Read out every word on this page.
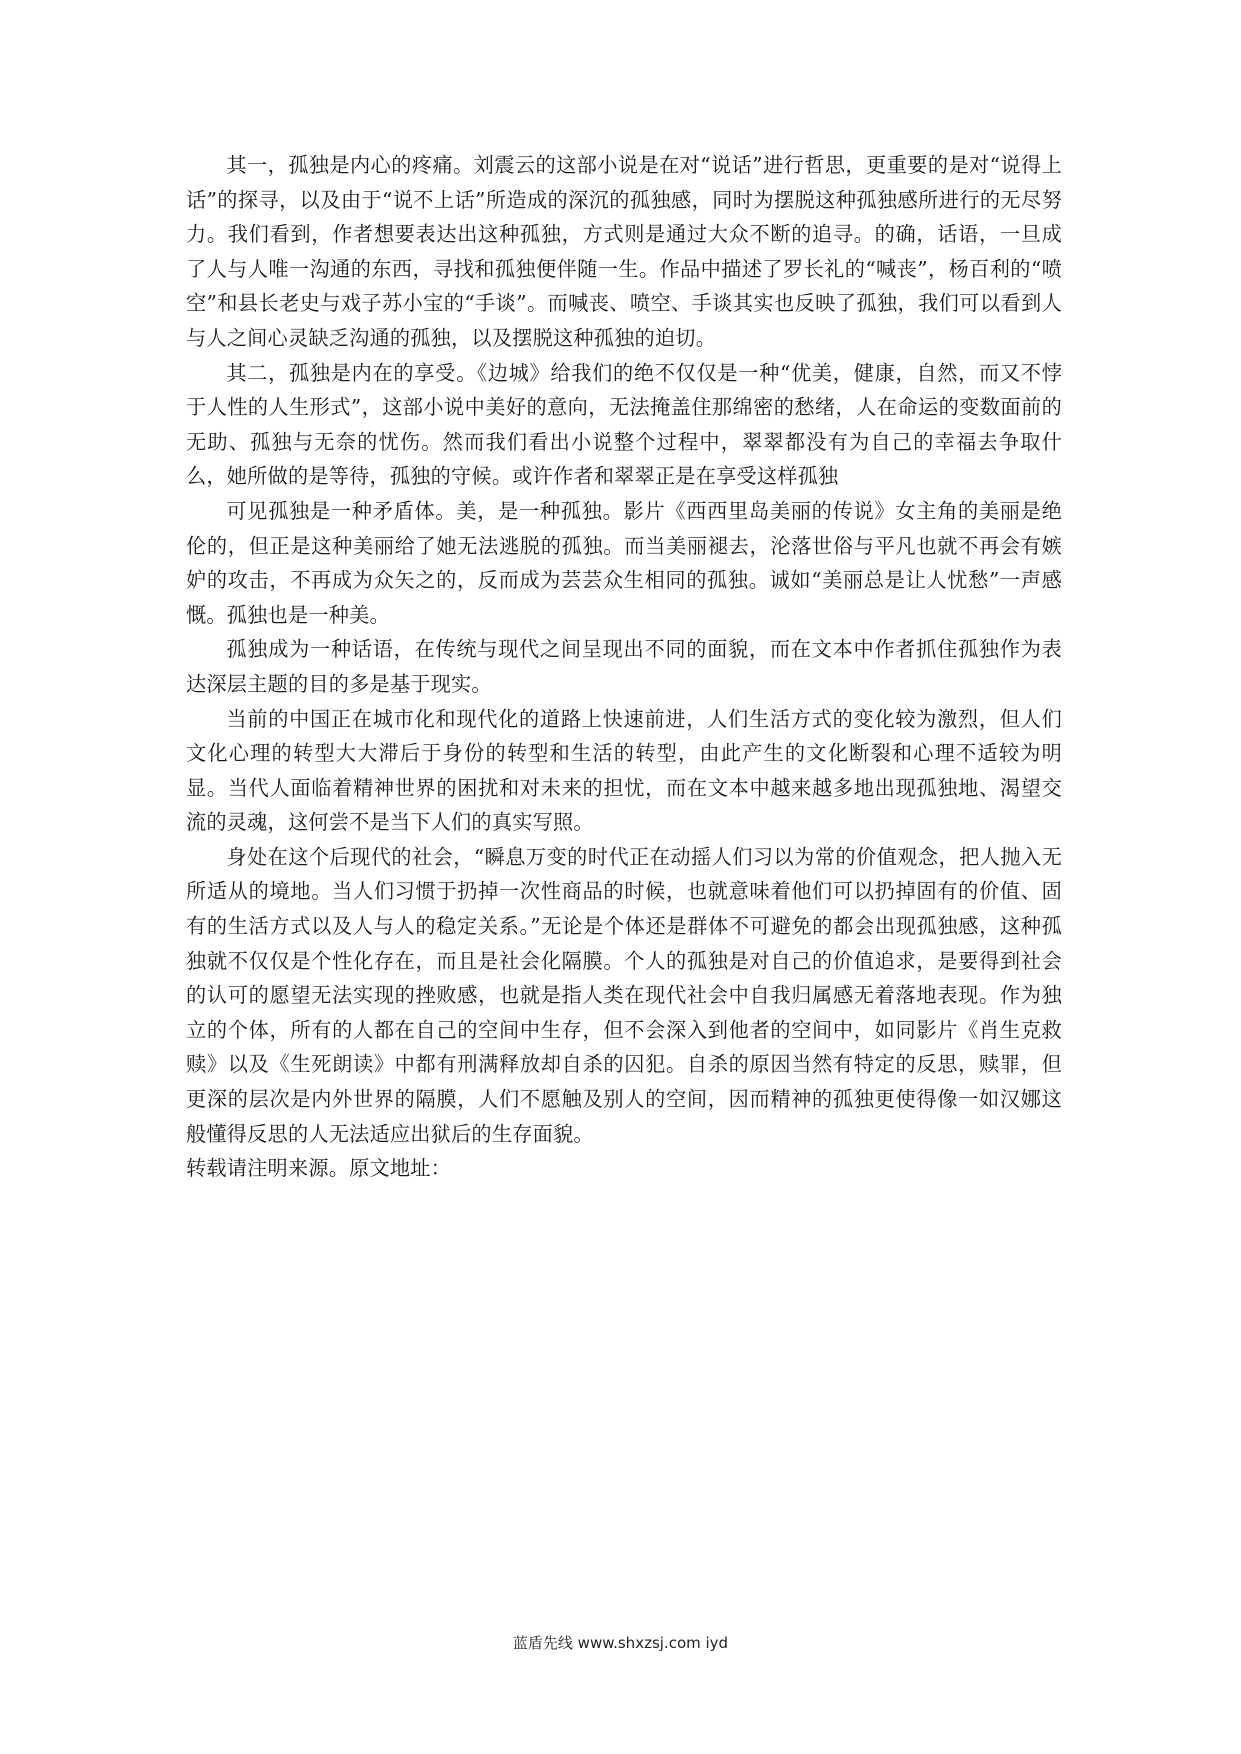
其一，孤独是内心的疼痛。刘震云的这部小说是在对“说话”进行哲思，更重要的是对“说得上话”的探寻，以及由于“说不上话”所造成的深沉的孤独感，同时为摆脱这种孤独感所进行的无尽努力。我们看到，作者想要表达出这种孤独，方式则是通过大众不断的追寻。的确，话语，一旦成了人与人唯一沟通的东西，寻找和孤独便伴随一生。作品中描述了罗长礼的“喊丧”，杨百利的“喷空”和县长老史与戏子苏小宝的“手谈”。而喊丧、喷空、手谈其实也反映了孤独，我们可以看到人与人之间心灵缺乏沟通的孤独，以及摆脱这种孤独的迫切。

其二，孤独是内在的享受。《边城》给我们的绝不仅仅是一种“优美，健康，自然，而又不悖于人性的人生形式”，这部小说中美好的意向，无法掩盖住那绵密的愁绪，人在命运的变数面前的无助、孤独与无奈的忧伤。然而我们看出小说整个过程中，翠翠都没有为自己的幸福去争取什么，她所做的是等待，孤独的守候。或许作者和翠翠正是在享受这样孤独

可见孤独是一种矛盾体。美，是一种孤独。影片《西西里岛美丽的传说》女主角的美丽是绝伦的，但正是这种美丽给了她无法逃脱的孤独。而当美丽褪去，沦落世俗与平凡也就不再会有嫉妒的攻击，不再成为众矢之的，反而成为芸芸众生相同的孤独。诚如“美丽总是让人忧愁”一声感慨。孤独也是一种美。

孤独成为一种话语，在传统与现代之间呈现出不同的面貌，而在文本中作者抓住孤独作为表达深层主题的目的多是基于现实。

当前的中国正在城市化和现代化的道路上快速前进，人们生活方式的变化较为激烈，但人们文化心理的转型大大滞后于身份的转型和生活的转型，由此产生的文化断裂和心理不适较为明显。当代人面临着精神世界的困扰和对未来的担忧，而在文本中越来越多地出现孤独地、渴望交流的灵魂，这何尝不是当下人们的真实写照。

身处在这个后现代的社会，“瞬息万变的时代正在动摇人们习以为常的价值观念，把人抛入无所适从的境地。当人们习惯于扔掉一次性商品的时候，也就意味着他们可以扔掉固有的价值、固有的生活方式以及人与人的稳定关系。”无论是个体还是群体不可避免的都会出现孤独感，这种孤独就不仅仅是个性化存在，而且是社会化隔膜。个人的孤独是对自己的价值追求，是要得到社会的认可的愿望无法实现的挫败感，也就是指人类在现代社会中自我归属感无着落地表现。作为独立的个体，所有的人都在自己的空间中生存，但不会深入到他者的空间中，如同影片《肖生克救赎》以及《生死朗读》中都有刑满释放却自杀的囚犯。自杀的原因当然有特定的反思，赎罪，但更深的层次是内外世界的隔膜，人们不愿触及别人的空间，因而精神的孤独更使得像一如汉娜这般懂得反思的人无法适应出狱后的生存面貌。

转载请注明来源。原文地址：

蓝盾先线 www.shxzsj.com iyd
